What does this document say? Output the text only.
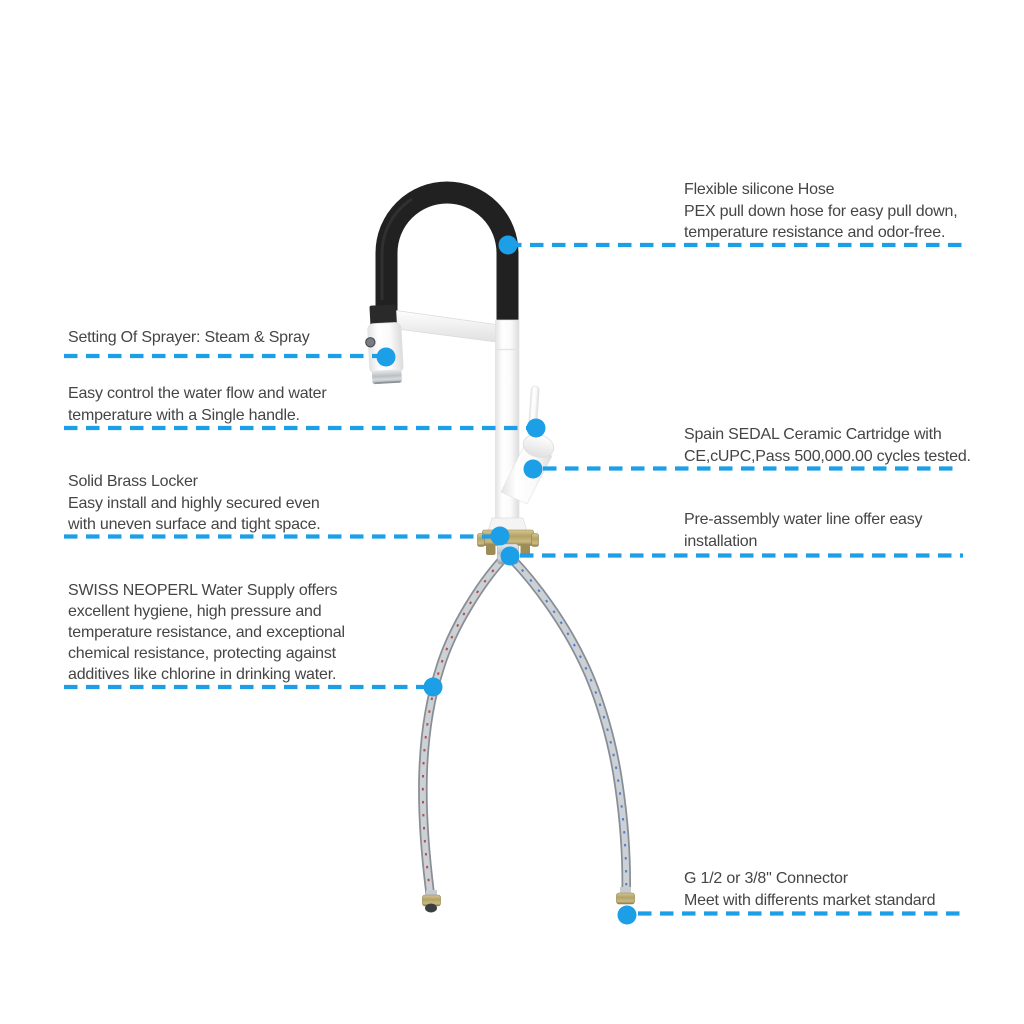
Setting Of Sprayer: Steam & Spray
Easy control the water flow and water
temperature with a Single handle.
Solid Brass Locker
Easy install and highly secured even
with uneven surface and tight space.
SWISS NEOPERL Water Supply offers
excellent hygiene, high pressure and
temperature resistance, and exceptional
chemical resistance, protecting against
additives like chlorine in drinking water.
Flexible silicone Hose
PEX pull down hose for easy pull down,
temperature resistance and odor-free.
Spain SEDAL Ceramic Cartridge with
CE,cUPC,Pass 500,000.00 cycles tested.
Pre-assembly water line offer easy
installation
G 1/2 or 3/8" Connector
Meet with differents market standard
